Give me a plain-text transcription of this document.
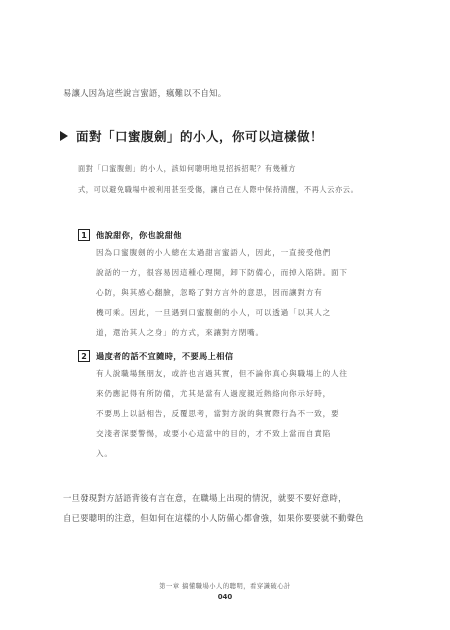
易讓人因為這些說言蜜語，瘋難以不自知。
面對「口蜜腹劍」的小人，你可以這樣做！
面對「口蜜腹劍」的小人，該如何聰明地見招拆招呢？有幾種方
式，可以避免職場中被利用甚至受傷，讓自己在人際中保持清醒，不再人云亦云。
1	他說甜你，你也說甜他
因為口蜜腹劍的小人總在太過甜言蜜語人，因此，一直接受他們
說話的一方，很容易因這種心理開，卸下防備心，而掉入陷阱。面下
心防，與其感心翻臉，忽略了對方言外的意思，因而讓對方有
機可乘。因此，一旦遇到口蜜腹劍的小人，可以透過「以其人之
道，還治其人之身」的方式，來讓對方閉嘴。
2	過度者的話不宜隨時，不要馬上相信
有人說職場無朋友，或許也言過其實，但不論你真心與職場上的人往
來仍應記得有所防備，尤其是當有人過度親近熱絡向你示好時，
不要馬上以話相告，反覆思考，當對方說的與實際行為不一致，要
交淺者深要警惕，或要小心這當中的目的，才不致上當而自責陷
入。
一旦發現對方話語背後有言在意，在職場上出現的情況，就要不要好意時，
自已要聰明的注意，但如何在這樣的小人防備心都會強，如果你要要就不動聲色
第一章 搞懂職場小人的聰明，看穿識破心計
040
